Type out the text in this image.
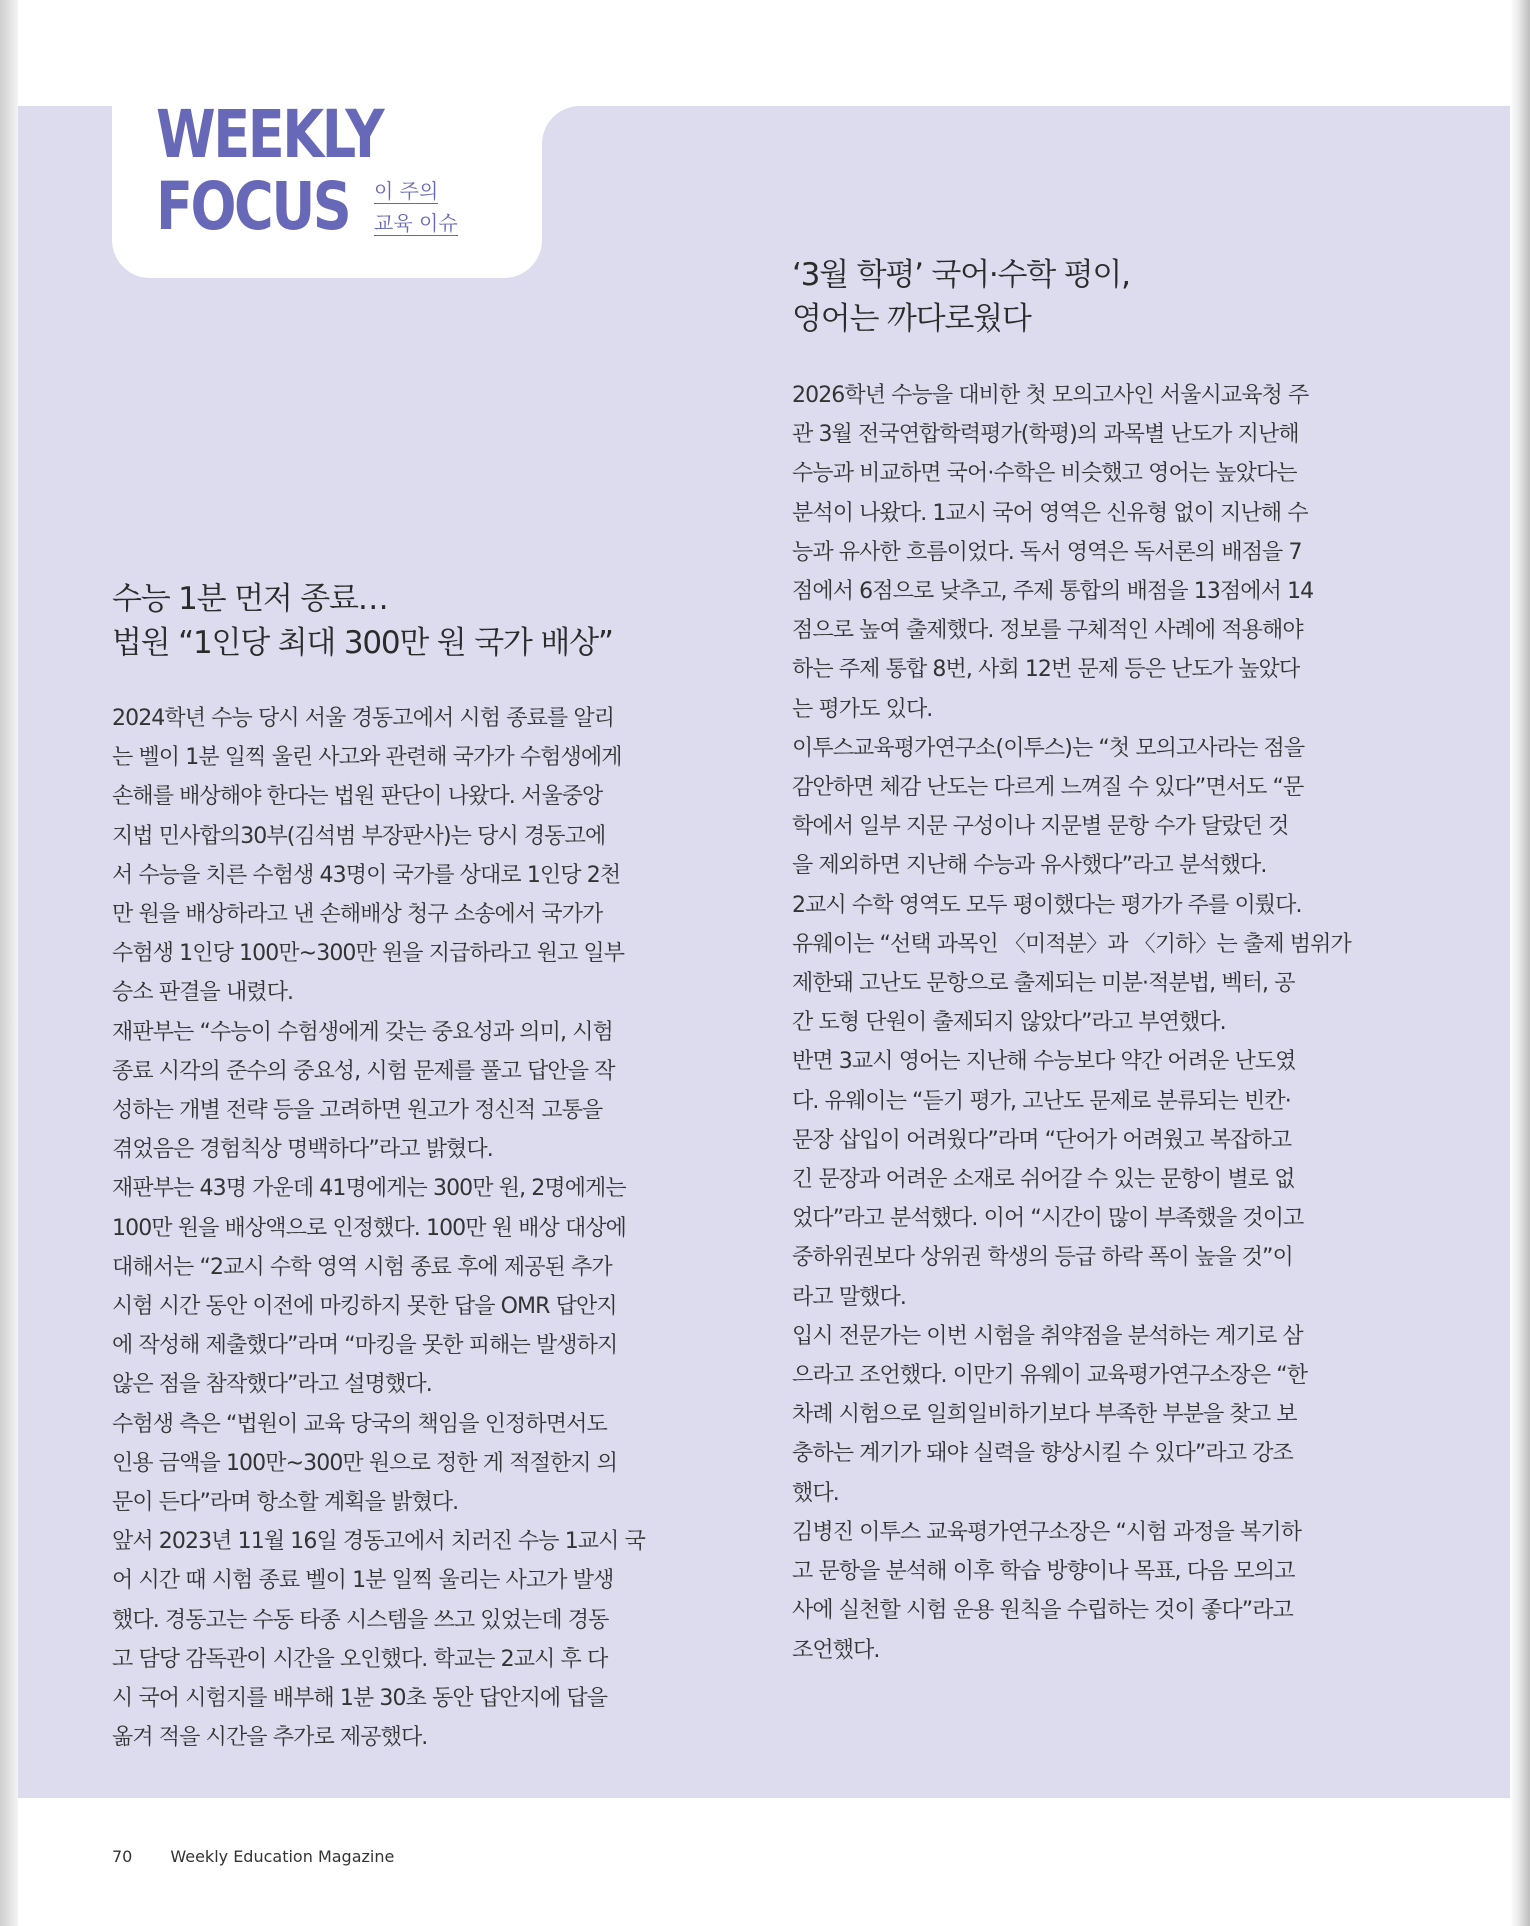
WEEKLY
FOCUS 이 주의
교육 이슈
수능 1분 먼저 종료…
법원 “1인당 최대 300만 원 국가 배상”
2024학년 수능 당시 서울 경동고에서 시험 종료를 알리
는 벨이 1분 일찍 울린 사고와 관련해 국가가 수험생에게
손해를 배상해야 한다는 법원 판단이 나왔다. 서울중앙
지법 민사합의30부(김석범 부장판사)는 당시 경동고에
서 수능을 치른 수험생 43명이 국가를 상대로 1인당 2천
만 원을 배상하라고 낸 손해배상 청구 소송에서 국가가
수험생 1인당 100만~300만 원을 지급하라고 원고 일부
승소 판결을 내렸다.
재판부는 “수능이 수험생에게 갖는 중요성과 의미, 시험
종료 시각의 준수의 중요성, 시험 문제를 풀고 답안을 작
성하는 개별 전략 등을 고려하면 원고가 정신적 고통을
겪었음은 경험칙상 명백하다”라고 밝혔다.
재판부는 43명 가운데 41명에게는 300만 원, 2명에게는
100만 원을 배상액으로 인정했다. 100만 원 배상 대상에
대해서는 “2교시 수학 영역 시험 종료 후에 제공된 추가
시험 시간 동안 이전에 마킹하지 못한 답을 OMR 답안지
에 작성해 제출했다”라며 “마킹을 못한 피해는 발생하지
않은 점을 참작했다”라고 설명했다.
수험생 측은 “법원이 교육 당국의 책임을 인정하면서도
인용 금액을 100만~300만 원으로 정한 게 적절한지 의
문이 든다”라며 항소할 계획을 밝혔다.
앞서 2023년 11월 16일 경동고에서 치러진 수능 1교시 국
어 시간 때 시험 종료 벨이 1분 일찍 울리는 사고가 발생
했다. 경동고는 수동 타종 시스템을 쓰고 있었는데 경동
고 담당 감독관이 시간을 오인했다. 학교는 2교시 후 다
시 국어 시험지를 배부해 1분 30초 동안 답안지에 답을
옮겨 적을 시간을 추가로 제공했다.
‘3월 학평’ 국어·수학 평이,
영어는 까다로웠다
2026학년 수능을 대비한 첫 모의고사인 서울시교육청 주
관 3월 전국연합학력평가(학평)의 과목별 난도가 지난해
수능과 비교하면 국어·수학은 비슷했고 영어는 높았다는
분석이 나왔다. 1교시 국어 영역은 신유형 없이 지난해 수
능과 유사한 흐름이었다. 독서 영역은 독서론의 배점을 7
점에서 6점으로 낮추고, 주제 통합의 배점을 13점에서 14
점으로 높여 출제했다. 정보를 구체적인 사례에 적용해야
하는 주제 통합 8번, 사회 12번 문제 등은 난도가 높았다
는 평가도 있다.
이투스교육평가연구소(이투스)는 “첫 모의고사라는 점을
감안하면 체감 난도는 다르게 느껴질 수 있다”면서도 “문
학에서 일부 지문 구성이나 지문별 문항 수가 달랐던 것
을 제외하면 지난해 수능과 유사했다”라고 분석했다.
2교시 수학 영역도 모두 평이했다는 평가가 주를 이뤘다.
유웨이는 “선택 과목인 〈미적분〉과 〈기하〉는 출제 범위가
제한돼 고난도 문항으로 출제되는 미분·적분법, 벡터, 공
간 도형 단원이 출제되지 않았다”라고 부연했다.
반면 3교시 영어는 지난해 수능보다 약간 어려운 난도였
다. 유웨이는 “듣기 평가, 고난도 문제로 분류되는 빈칸·
문장 삽입이 어려웠다”라며 “단어가 어려웠고 복잡하고
긴 문장과 어려운 소재로 쉬어갈 수 있는 문항이 별로 없
었다”라고 분석했다. 이어 “시간이 많이 부족했을 것이고
중하위권보다 상위권 학생의 등급 하락 폭이 높을 것”이
라고 말했다.
입시 전문가는 이번 시험을 취약점을 분석하는 계기로 삼
으라고 조언했다. 이만기 유웨이 교육평가연구소장은 “한
차례 시험으로 일희일비하기보다 부족한 부분을 찾고 보
충하는 계기가 돼야 실력을 향상시킬 수 있다”라고 강조
했다.
김병진 이투스 교육평가연구소장은 “시험 과정을 복기하
고 문항을 분석해 이후 학습 방향이나 목표, 다음 모의고
사에 실천할 시험 운용 원칙을 수립하는 것이 좋다”라고
조언했다.
70 Weekly Education Magazine
